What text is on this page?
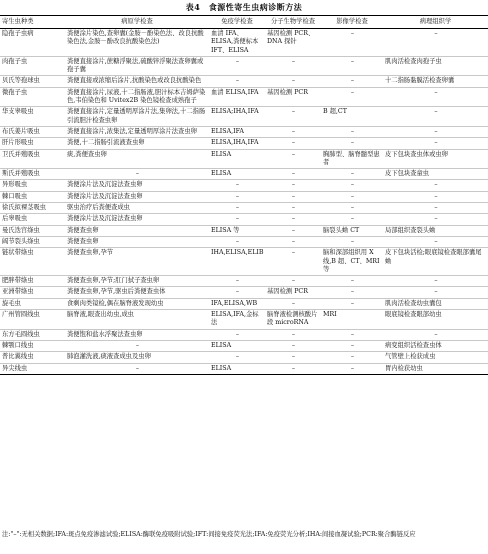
表4　食源性寄生虫病诊断方法
寄生虫种类	病原学检查	免疫学检查	分子生物学检查	影像学检查	病理组织学
隐孢子虫病	粪便涂片染色,查卵囊(金胺－酚染色法、改良抗酸染色法,金胺－酚改良抗酸染色法)	血清 IFA、ELISA,粪便标本 IFT、ELISA	基因检测 PCR、DNA 探针	–	–
肉孢子虫	粪便直接涂片,蔗糖浮聚法,硫酸锌浮聚法查卵囊或孢子囊	–	–	–	肌肉活检查肉孢子虫
贝氏等孢球虫	粪便直接或浓缩后涂片,抗酸染色或改良抗酸染色	–	–	–	十二指肠黏膜活检查卵囊
微孢子虫	粪便直接涂片,尿液,十二指肠液,胆汁标本吉姆萨染色,韦伯染色和 Uvitex2B 染色镜检查成熟孢子	血清 ELISA,IFA	基因检测 PCR	–	–
华支睾吸虫	粪便直接涂片,定量透明厚涂片法,集卵法,十二指肠引流胆汁检查虫卵	ELISA;IHA,IFA	–	B 超,CT	–
布氏姜片吸虫	粪便直接涂片,浓集法,定量透明厚涂片法查虫卵	ELISA,IFA	–	–	–
肝片形吸虫	粪便,十二指肠引流液查虫卵	ELISA,IHA,IFA	–	–	–
卫氏并殖吸虫	痰,粪便查虫卵	ELISA	–	胸肺型、脑脊髓型患者	皮下包块查虫体或虫卵
斯氏并殖吸虫	–	ELISA	–	–	皮下包块查童虫
异形吸虫	粪便涂片法及沉淀法查虫卵	–	–	–	–
棘口吸虫	粪便涂片法及沉淀法查虫卵	–	–	–	–
徐氏拟裸茎吸虫	驱虫治疗后粪便查成虫	–	–	–	–
后睾吸虫	粪便涂片法及沉淀法查虫卵	–	–	–	–
曼氏迭宫绦虫	粪便查虫卵	ELISA 等	–	脑裂头蚴 CT	局部组织查裂头蚴
阔节裂头绦虫	粪便查虫卵	–	–	–	–
链状带绦虫	粪便查虫卵,孕节	IHA,ELISA,ELIB	–	脑和深部组织用 X 线,B 超、CT、MRI 等	皮下包块活检;眼底镜检查眼部囊尾蚴
肥胖带绦虫	粪便查虫卵,孕节;肛门拭子查虫卵	–	–	–	–
亚洲带绦虫	粪便查虫卵,孕节,驱虫后粪便查虫体	–	基因检测 PCR	–	–
旋毛虫	食剩肉类镜检,偶在脑脊液发现幼虫	IFA,ELISA,WB	–	–	肌肉活检查幼虫囊包
广州管圆线虫	脑脊液,眼查出幼虫,成虫	ELISA,IFA,金标法	脑脊液检测核酸片段 microRNA	MRI	眼底镜检查眼部幼虫
东方毛圆线虫	粪便饱和盐水浮聚法查虫卵	–	–	–	–
棘颚口线虫	–	ELISA	–	–	病变组织活检查虫体
普比翼线虫	肺泡灌洗液,痰液查成虫及虫卵	–	–	–	气管壁上检获成虫
异尖线虫	–	ELISA	–	–	胃内检获幼虫
注:"–":无相关数据;IFA:斑点免疫渗滤试验;ELISA:酶联免疫吸附试验;IFT:间接免疫荧光法;IFA:免疫荧光分析;IHA:间接血凝试验;PCR:聚合酶链反应
